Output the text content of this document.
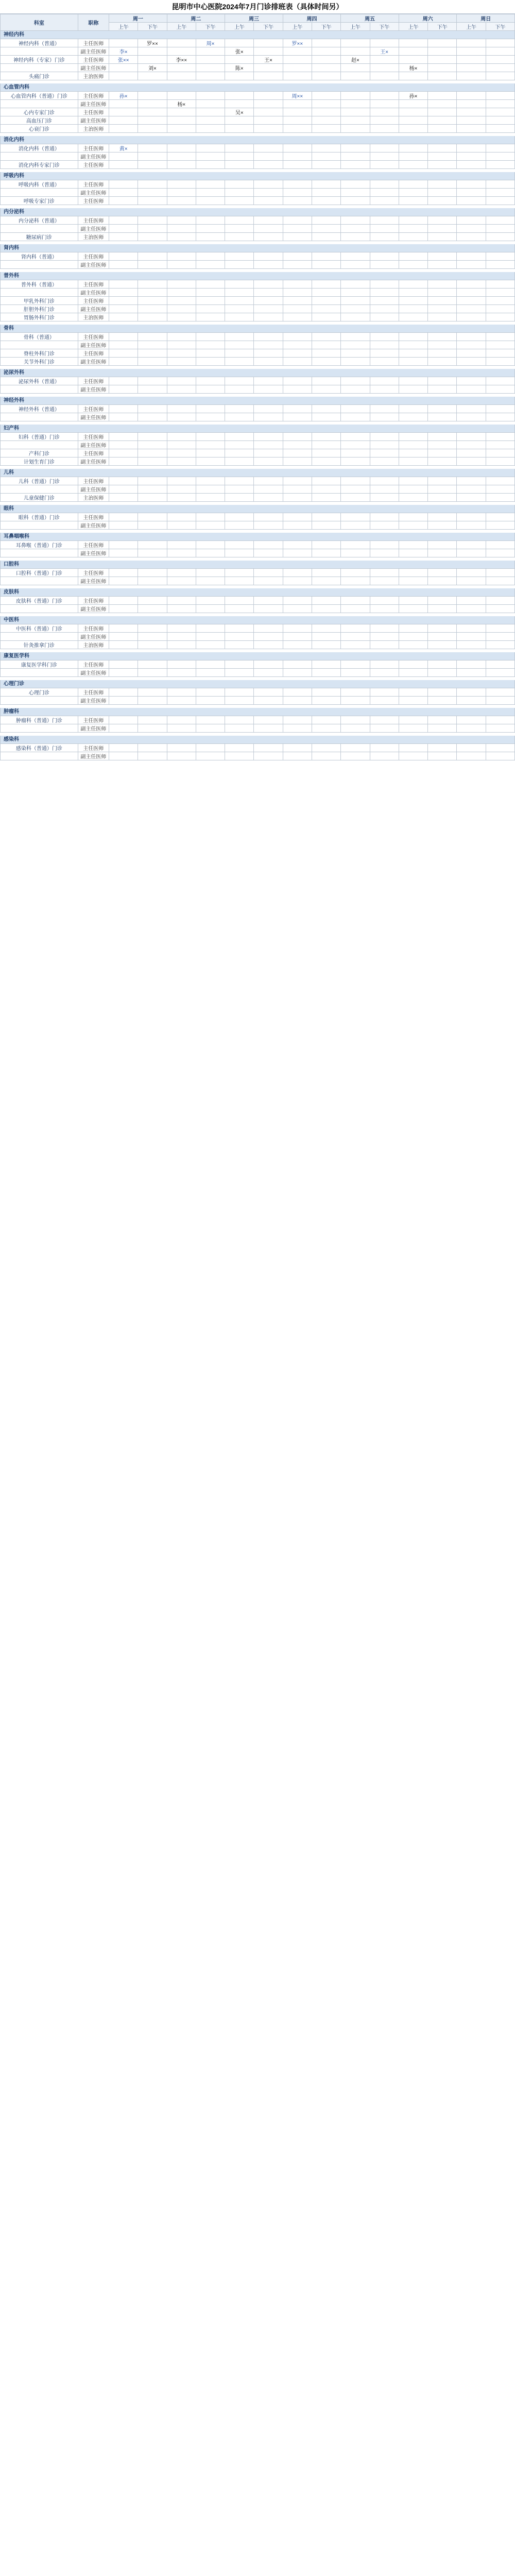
昆明市中心医院2024年7月门诊排班表（具体时间另）
科室	职称	周一		周二		周三		周四		周五		周六		周日	
		上午	下午	上午	下午	上午	下午	上午	下午	上午	下午	上午	下午	上午	下午
神经内科
神经内科（普通）	主任医师		罗××		周×			罗××							
	副主任医师	李×				张×					王×				
神经内科（专家）门诊	主任医师	张××		李××			王×			赵×					
	副主任医师		刘×			陈×						杨×			
头痛门诊	主治医师														
心血管内科
心血管内科（普通）门诊	主任医师	孙×						周××				孙×			
	副主任医师			杨×											
心内专家门诊	主任医师					吴×									
高血压门诊	副主任医师														
心衰门诊	主治医师														
消化内科
消化内科（普通）	主任医师	黄×													
	副主任医师														
消化内科专家门诊	主任医师														
呼吸内科
呼吸内科（普通）	主任医师														
	副主任医师														
呼吸专家门诊	主任医师														
内分泌科
内分泌科（普通）	主任医师														
	副主任医师														
糖尿病门诊	主治医师														
肾内科
肾内科（普通）	主任医师														
	副主任医师														
普外科
普外科（普通）	主任医师														
	副主任医师														
甲乳外科门诊	主任医师														
肝胆外科门诊	副主任医师														
胃肠外科门诊	主治医师														
骨科
骨科（普通）	主任医师														
	副主任医师														
脊柱外科门诊	主任医师														
关节外科门诊	副主任医师														
泌尿外科
泌尿外科（普通）	主任医师														
	副主任医师														
神经外科
神经外科（普通）	主任医师														
	副主任医师														
妇产科
妇科（普通）门诊	主任医师														
	副主任医师														
产科门诊	主任医师														
计划生育门诊	副主任医师														
儿科
儿科（普通）门诊	主任医师														
	副主任医师														
儿童保健门诊	主治医师														
眼科
眼科（普通）门诊	主任医师														
	副主任医师														
耳鼻咽喉科
耳鼻喉（普通）门诊	主任医师														
	副主任医师														
口腔科
口腔科（普通）门诊	主任医师														
	副主任医师														
皮肤科
皮肤科（普通）门诊	主任医师														
	副主任医师														
中医科
中医科（普通）门诊	主任医师														
	副主任医师														
针灸推拿门诊	主治医师														
康复医学科
康复医学科门诊	主任医师														
	副主任医师														
心理门诊
心理门诊	主任医师														
	副主任医师														
肿瘤科
肿瘤科（普通）门诊	主任医师														
	副主任医师														
感染科
感染科（普通）门诊	主任医师														
	副主任医师														
